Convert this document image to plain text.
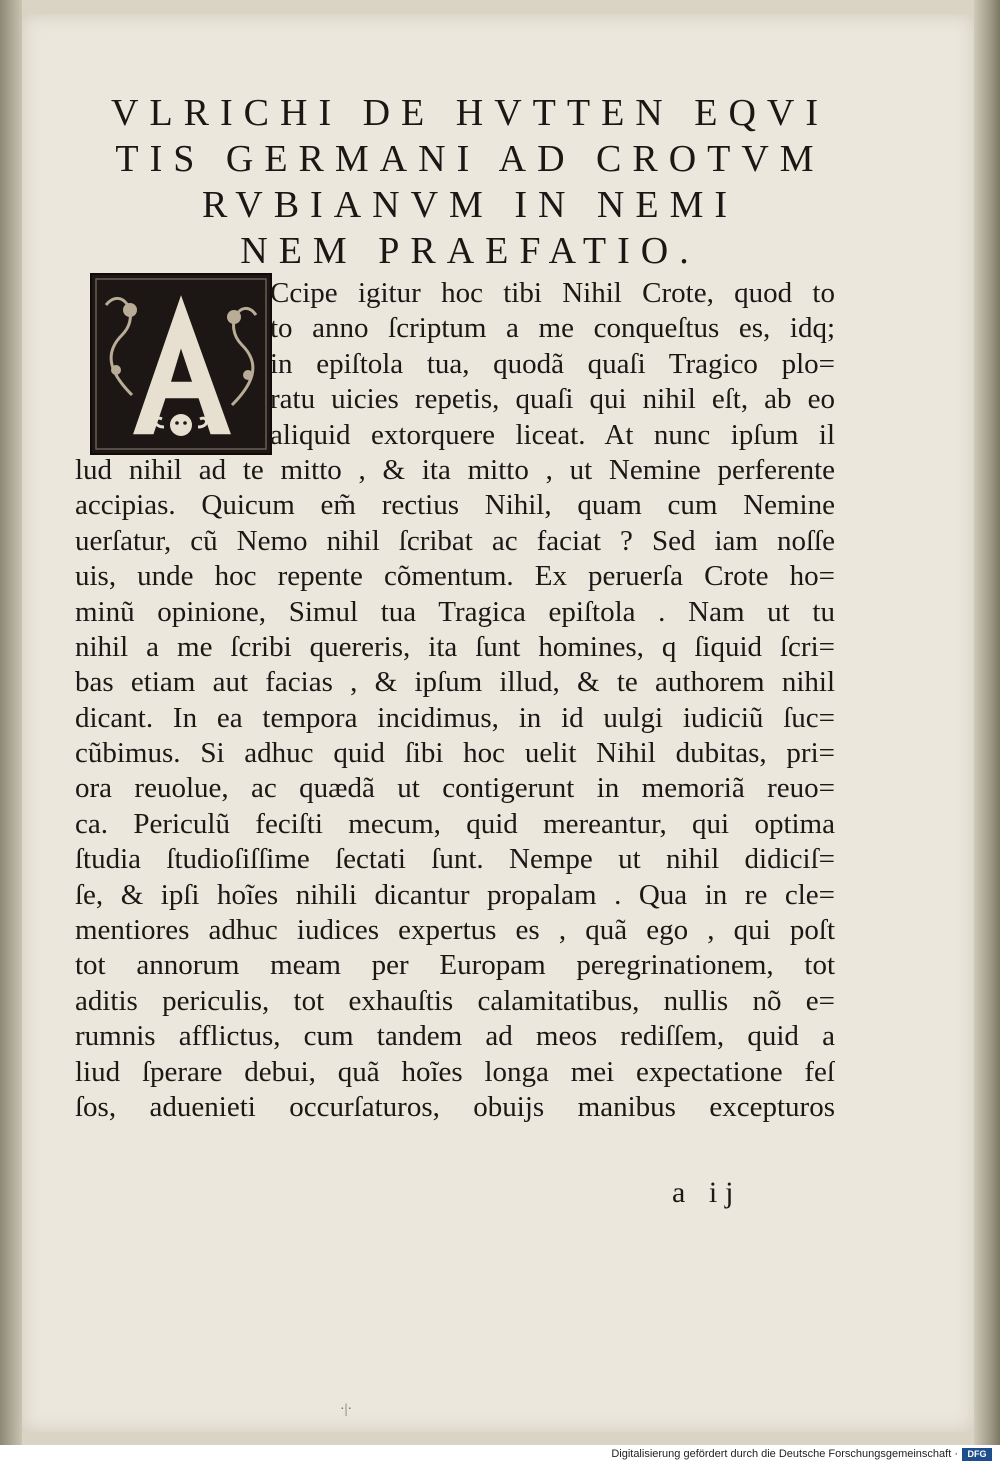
VLRICHI DE HVTTEN EQVI
TIS GERMANI AD CROTVM
RVBIANVM IN NEMI
NEM PRAEFATIO.
Ccipe igitur hoc tibi Nihil Crote, quod to
to anno ſcriptum a me conqueſtus es, idq;
in epiſtola tua, quodã quaſi Tragico plo=
ratu uicies repetis, quaſi qui nihil eſt, ab eo
aliquid extorquere liceat. At nunc ipſum il
lud nihil ad te mitto , & ita mitto , ut Nemine perferente
accipias. Quicum em̃ rectius Nihil, quam cum Nemine
uerſatur, cũ Nemo nihil ſcribat ac faciat ? Sed iam noſſe
uis, unde hoc repente cõmentum. Ex peruerſa Crote ho=
minũ opinione, Simul tua Tragica epiſtola . Nam ut tu
nihil a me ſcribi quereris, ita ſunt homines, q ſiquid ſcri=
bas etiam aut facias , & ipſum illud, & te authorem nihil
dicant. In ea tempora incidimus, in id uulgi iudiciũ ſuc=
cũbimus. Si adhuc quid ſibi hoc uelit Nihil dubitas, pri=
ora reuolue, ac quædã ut contigerunt in memoriã reuo=
ca. Periculũ feciſti mecum, quid mereantur, qui optima
ſtudia ſtudioſiſſime ſectati ſunt. Nempe ut nihil didiciſ=
ſe, & ipſi hoĩes nihili dicantur propalam . Qua in re cle=
mentiores adhuc iudices expertus es , quã ego , qui poſt
tot annorum meam per Europam peregrinationem, tot
aditis periculis, tot exhauſtis calamitatibus, nullis nõ e=
rumnis afflictus, cum tandem ad meos rediſſem, quid a
liud ſperare debui, quã hoĩes longa mei expectatione feſ
ſos, aduenieti occurſaturos, obuijs manibus excepturos
a ij
·|·
Digitalisierung gefördert durch die Deutsche Forschungsgemeinschaft ·	DFG
